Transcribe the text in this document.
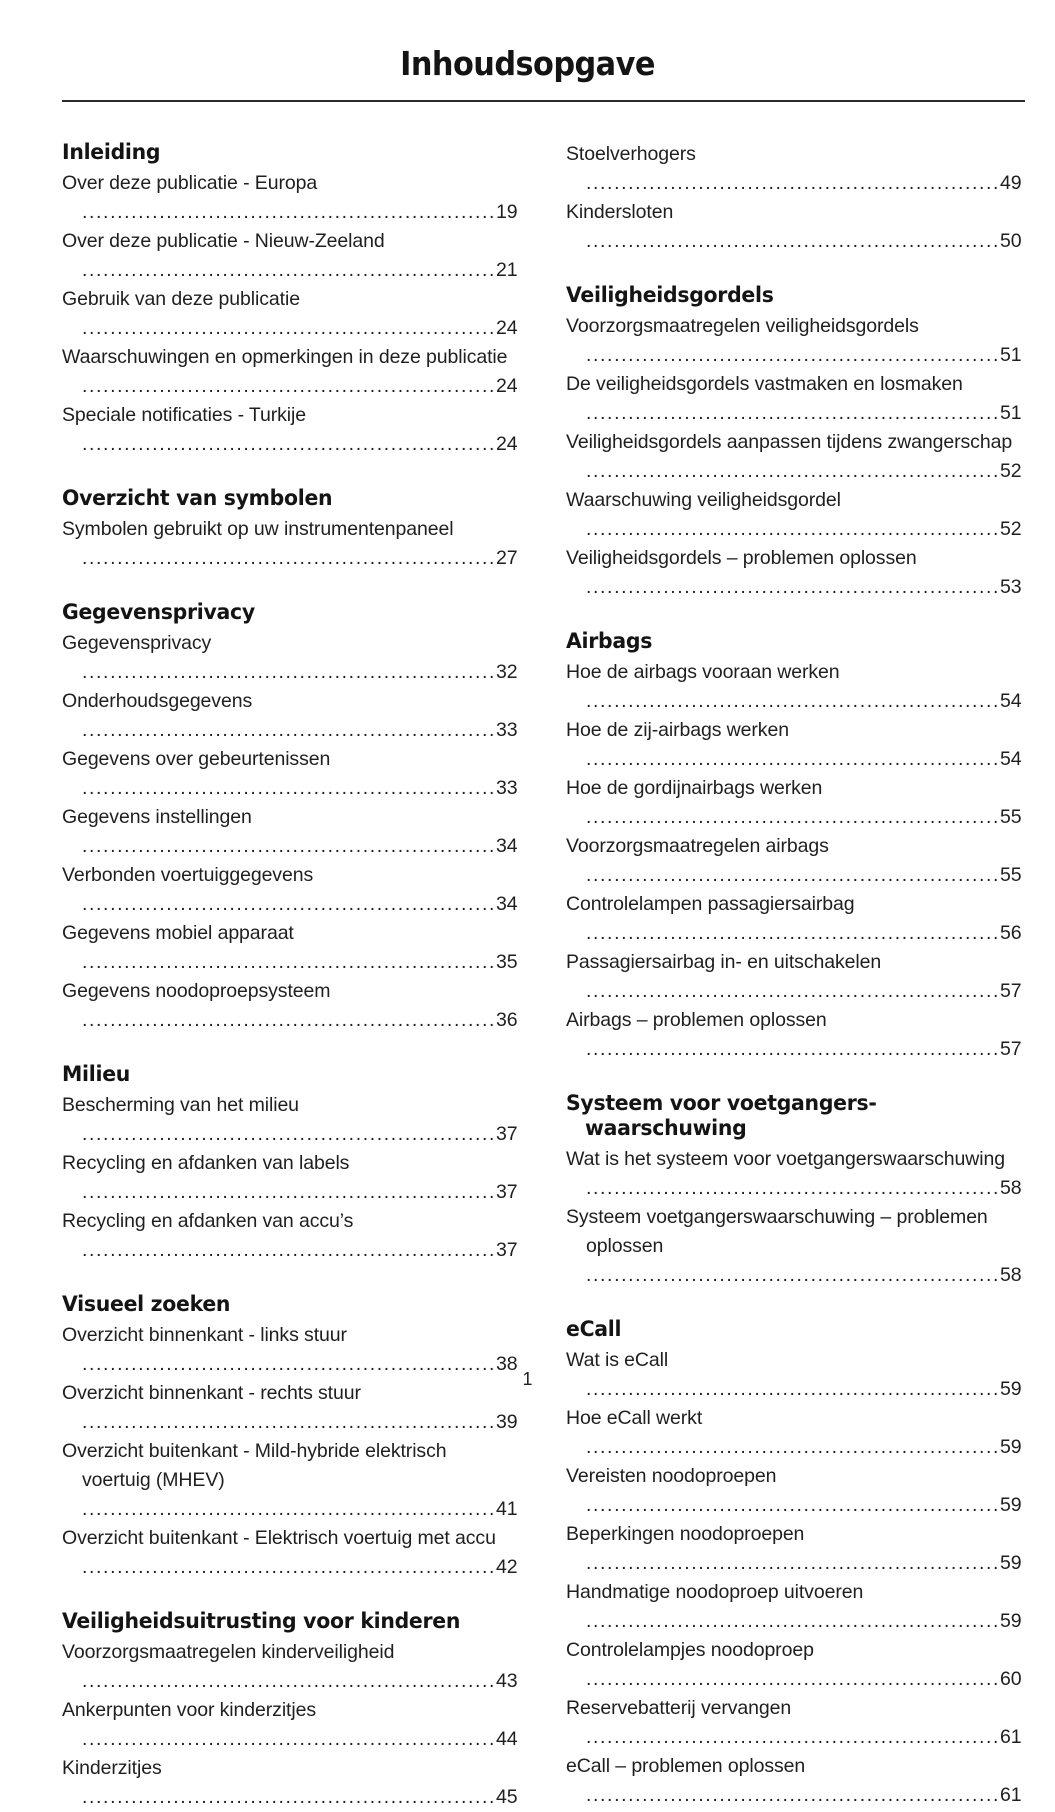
Inhoudsopgave
Inleiding

Over deze publicatie - Europa ...........................................................19

Over deze publicatie - Nieuw-Zeeland ...........................................................21

Gebruik van deze publicatie ...........................................................24

Waarschuwingen en opmerkingen in deze publicatie ...........................................................24

Speciale notificaties - Turkije ...........................................................24

Overzicht van symbolen

Symbolen gebruikt op uw instrumentenpaneel ...........................................................27

Gegevensprivacy

Gegevensprivacy ...........................................................32

Onderhoudsgegevens ...........................................................33

Gegevens over gebeurtenissen ...........................................................33

Gegevens instellingen ...........................................................34

Verbonden voertuiggegevens ...........................................................34

Gegevens mobiel apparaat ...........................................................35

Gegevens noodoproepsysteem ...........................................................36

Milieu

Bescherming van het milieu ...........................................................37

Recycling en afdanken van labels ...........................................................37

Recycling en afdanken van accu’s ...........................................................37

Visueel zoeken

Overzicht binnenkant - links stuur ...........................................................38

Overzicht binnenkant - rechts stuur ...........................................................39

Overzicht buitenkant - Mild-hybride elektrisch voertuig (MHEV) ...........................................................41

Overzicht buitenkant - Elektrisch voertuig met accu ...........................................................42

Veiligheidsuitrusting voor kinderen

Voorzorgsmaatregelen kinderveiligheid ...........................................................43

Ankerpunten voor kinderzitjes ...........................................................44

Kinderzitjes ...........................................................45

Stoelverhogers ...........................................................49

Kindersloten ...........................................................50

Veiligheidsgordels

Voorzorgsmaatregelen veiligheidsgordels ...........................................................51

De veiligheidsgordels vastmaken en losmaken ...........................................................51

Veiligheidsgordels aanpassen tijdens zwangerschap ...........................................................52

Waarschuwing veiligheidsgordel ...........................................................52

Veiligheidsgordels – problemen oplossen ...........................................................53

Airbags

Hoe de airbags vooraan werken ...........................................................54

Hoe de zij-airbags werken ...........................................................54

Hoe de gordijnairbags werken ...........................................................55

Voorzorgsmaatregelen airbags ...........................................................55

Controlelampen passagiersairbag ...........................................................56

Passagiersairbag in- en uitschakelen ...........................................................57

Airbags – problemen oplossen ...........................................................57

Systeem voor voetgangers-waarschuwing

Wat is het systeem voor voetgangerswaarschuwing ...........................................................58

Systeem voetgangerswaarschuwing – problemen oplossen ...........................................................58

eCall

Wat is eCall ...........................................................59

Hoe eCall werkt ...........................................................59

Vereisten noodoproepen ...........................................................59

Beperkingen noodoproepen ...........................................................59

Handmatige noodoproep uitvoeren ...........................................................59

Controlelampjes noodoproep ...........................................................60

Reservebatterij vervangen ...........................................................61

eCall – problemen oplossen ...........................................................61

1
